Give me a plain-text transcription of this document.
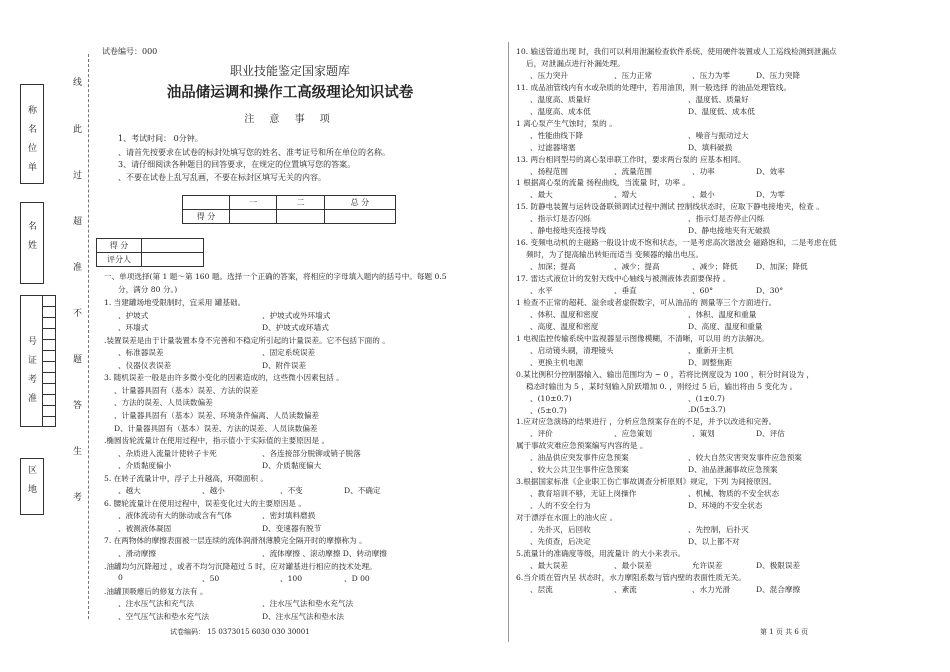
称名位单
名姓
号证考准
区地
线
此
过
超
准
不
题
答
生
考
试卷编号：000
职业技能鉴定国家题库
油品储运调和操作工高级理论知识试卷
注 意 事 项
1、考试时间： 0分钟。
、请首先按要求在试卷的标封处填写您的姓名、准考证号和所在单位的名称。
3、请仔细阅读各种题目的回答要求，在规定的位置填写您的答案。
、不要在试卷上乱写乱画，不要在标封区填写无关的内容。
	一	二	总 分
得 分			
得 分	
评分人	
一、单项选择(第 1 题～第 160 题。选择一个正确的答案，将相应的字母填入题内的括号中。每题 0.5
分，满分 80 分。)
1. 当建罐场地受限制时，宜采用 罐基础。
、护坡式	、护坡式或外环墙式
、环墙式	D、护坡式或环墙式
.装置误差是由于计量装置本身不完善和不稳定所引起的计量误差。它不包括下面的 。
、标准器误差	、固定系统误差
、仪器仪表误差	D、附件误差
3. 随机误差一般是由许多微小变化的因素造成的，这些微小因素包括 。
、计量器具固有（基本）误差、方法的误差
、方法的误差、人员读数偏差
、计量器具固有（基本）误差、环境条件偏离、人员读数偏差
D、计量器具固有（基本）误差、方法的误差、人员读数偏差
.椭圆齿轮流量计在使用过程中，指示值小于实际值的主要原因是 。
、杂质进入流量计使转子卡死	、各连接部分脱铆或销子脱落
、介质黏度偏小	D、介质黏度偏大
5. 在转子流量计中，浮子上升越高，环隙面积 。
、越大	、越小	、不变	D、不确定
6. 腰轮流量计在使用过程中，误差变化过大的主要原因是 。
、液体流动有大的脉动或含有气体	、密封填料磨损
、被测液体凝固	D、变速器有脱节
7. 在两物体的摩擦表面被一层连续的流体润滑剂薄膜完全隔开时的摩擦称为 。
、滑动摩擦	、流体摩擦 、滚动摩擦 D、转动摩擦
.油罐均匀沉降超过 ，或者不均匀沉降超过 5 时，应对罐基进行相应的技术处理。
0	、50	、100	、D 00
.油罐顶吸瘪后的修复方法有 。
、注水压气法和充气法	、注水压气法和垫水充气法
、空气压气法和垫水充气法	D、注水压气法和垫水法
10. 输送管道出现 时，我们可以利用泄漏检查软件系统、使用硬件装置或人工巡线检测到泄漏点
后，对泄漏点进行补漏处理。
、压力突升	、压力正常	、压力为零	D、压力突降
11. 成品油管线内有水或杂质的处理中，若用油顶，则一般选择 的油品处理管线。
、温度高、质量好	、温度低、质量好
、温度高、成本低	D、温度低、成本低
1 离心泵产生气蚀时，泵的 。
、性能曲线下降	、噪音与振动过大
、过滤器堵塞	D、填料破损
13. 两台相同型号的离心泵串联工作时，要求两台泵的 应基本相同。
、扬程范围	、流量范围	、功率	D、效率
1 根据离心泵的流量 扬程曲线，当流量 时，功率 。
、最大	、增大	、最小	D、为零
15. 防静电装置与运转设备联锁调试过程中测试 控制线状态时，应取下静电接地夹，检查 。
、指示灯是否闪烁	、指示灯是否停止闪烁
、静电接地夹连接导线	D、静电接地夹有无破损
16. 变频电动机的主磁路一般设计成不饱和状态，一是考虑高次谐波会 磁路饱和，二是考虑在低
频时，为了提高输出转矩而适当 变频器的输出电压。
、加深；提高	、减少；提高	、减少；降低 D、加深；降低
17. 雷达式液位计的发射天线中心轴线与被测液体表面要保持 。
、水平	、垂直	、60°	D、30°
1 检查不正常的超耗、溢余或者虚假数字，可从油品的 测量等三个方面进行。
、体积、温度和密度	、体积、温度和重量
、高度、温度和密度	D、高度、温度和重量
1 电视监控传输系统中监视器显示图像模糊，不清晰，可以用 的方法解决。
、启动镜头刷，清理镜头	、重新开主机
、更换主机电源	D、调整焦距
0.某比例积分控制器输入、输出范围均为 ~ 0 ，若将比例度设为 100 ，积分时间设为 ，
稳态时输出为 5 ，某时刻输入阶跃增加 0. ，则经过 5 后，输出将由 5 变化为 。
、(10±0.7)	、(1±0.7)
、(5±0.7)	.D(5±3.7)
1.应对应急演练的结果进行 ，分析应急预案存在的不足，并予以改进和完善。
、评价	、应急策划	、策划	D、评估
属于事故灾难应急预案编写内容的是 。
、油品供应突发事件应急预案	、较大自然灾害突发事件应急预案
、较大公共卫生事件应急预案	D、油品泄漏事故应急预案
3.根据国家标准《企业职工伤亡事故调查分析原则》规定，下列 为间接原因。
、教育培训不够，无证上岗操作	、机械、物质的不安全状态
、人的不安全行为	D、环境的不安全状态
对于漂浮在水面上的油火应 。
、先扑灭，后回收	、先控制，后扑灭
、先侦查，后决定	D、以上都不对
5.流量计的准确度等级，用流量计 的大小来表示。
、最大误差	、最小误差	允许误差	D、极限误差
6.当介质在管内呈 状态时，水力摩阻系数与管内壁的表面性质无关。
、层流	、紊流	、水力光滑	D、混合摩擦
试卷编码： 15 0373015 6030 030 30001	第 1 页 共 6 页
